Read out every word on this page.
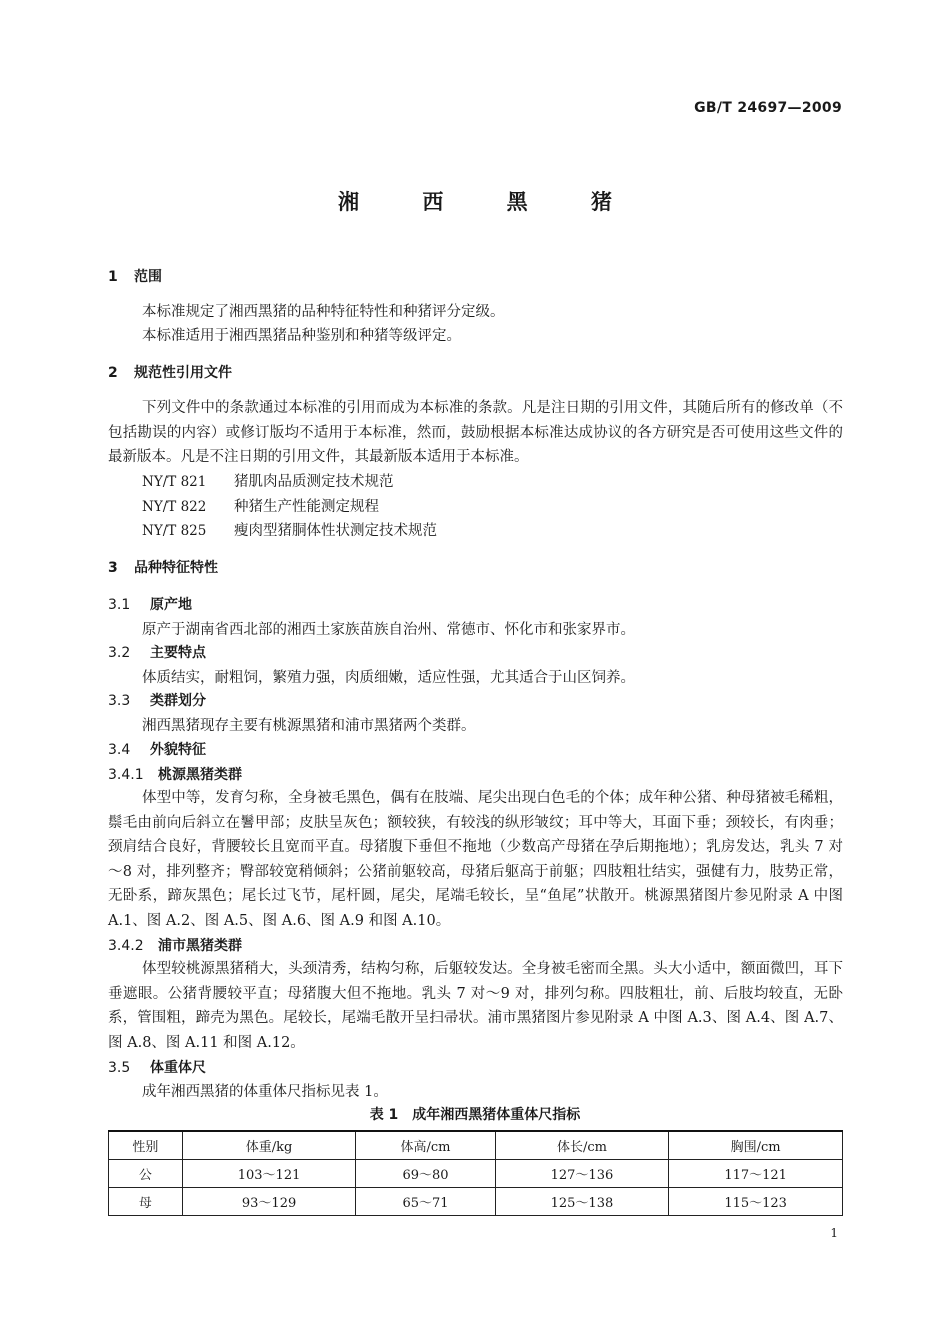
GB/T 24697—2009
湘 西 黑 猪
1 范围
本标准规定了湘西黑猪的品种特征特性和种猪评分定级。
本标准适用于湘西黑猪品种鉴别和种猪等级评定。
2 规范性引用文件
下列文件中的条款通过本标准的引用而成为本标准的条款。凡是注日期的引用文件，其随后所有的修改单（不包括勘误的内容）或修订版均不适用于本标准，然而，鼓励根据本标准达成协议的各方研究是否可使用这些文件的最新版本。凡是不注日期的引用文件，其最新版本适用于本标准。
NY/T 821 猪肌肉品质测定技术规范
NY/T 822 种猪生产性能测定规程
NY/T 825 瘦肉型猪胴体性状测定技术规范
3 品种特征特性
3.1 原产地
原产于湖南省西北部的湘西土家族苗族自治州、常德市、怀化市和张家界市。
3.2 主要特点
体质结实，耐粗饲，繁殖力强，肉质细嫩，适应性强，尤其适合于山区饲养。
3.3 类群划分
湘西黑猪现存主要有桃源黑猪和浦市黑猪两个类群。
3.4 外貌特征
3.4.1 桃源黑猪类群
体型中等，发育匀称，全身被毛黑色，偶有在肢端、尾尖出现白色毛的个体；成年种公猪、种母猪被毛稀粗，鬃毛由前向后斜立在鬐甲部；皮肤呈灰色；额较狭，有较浅的纵形皱纹；耳中等大，耳面下垂；颈较长，有肉垂；颈肩结合良好，背腰较长且宽而平直。母猪腹下垂但不拖地（少数高产母猪在孕后期拖地）；乳房发达，乳头 7 对～8 对，排列整齐；臀部较宽稍倾斜；公猪前躯较高，母猪后躯高于前躯；四肢粗壮结实，强健有力，肢势正常，无卧系，蹄灰黑色；尾长过飞节，尾杆圆，尾尖，尾端毛较长，呈“鱼尾”状散开。桃源黑猪图片参见附录 A 中图 A.1、图 A.2、图 A.5、图 A.6、图 A.9 和图 A.10。
3.4.2 浦市黑猪类群
体型较桃源黑猪稍大，头颈清秀，结构匀称，后躯较发达。全身被毛密而全黑。头大小适中，额面微凹，耳下垂遮眼。公猪背腰较平直；母猪腹大但不拖地。乳头 7 对～9 对，排列匀称。四肢粗壮，前、后肢均较直，无卧系，管围粗，蹄壳为黑色。尾较长，尾端毛散开呈扫帚状。浦市黑猪图片参见附录 A 中图 A.3、图 A.4、图 A.7、图 A.8、图 A.11 和图 A.12。
3.5 体重体尺
成年湘西黑猪的体重体尺指标见表 1。
表 1　成年湘西黑猪体重体尺指标
性别	体重/kg	体高/cm	体长/cm	胸围/cm
公	103～121	69～80	127～136	117～121
母	93～129	65～71	125～138	115～123
1
